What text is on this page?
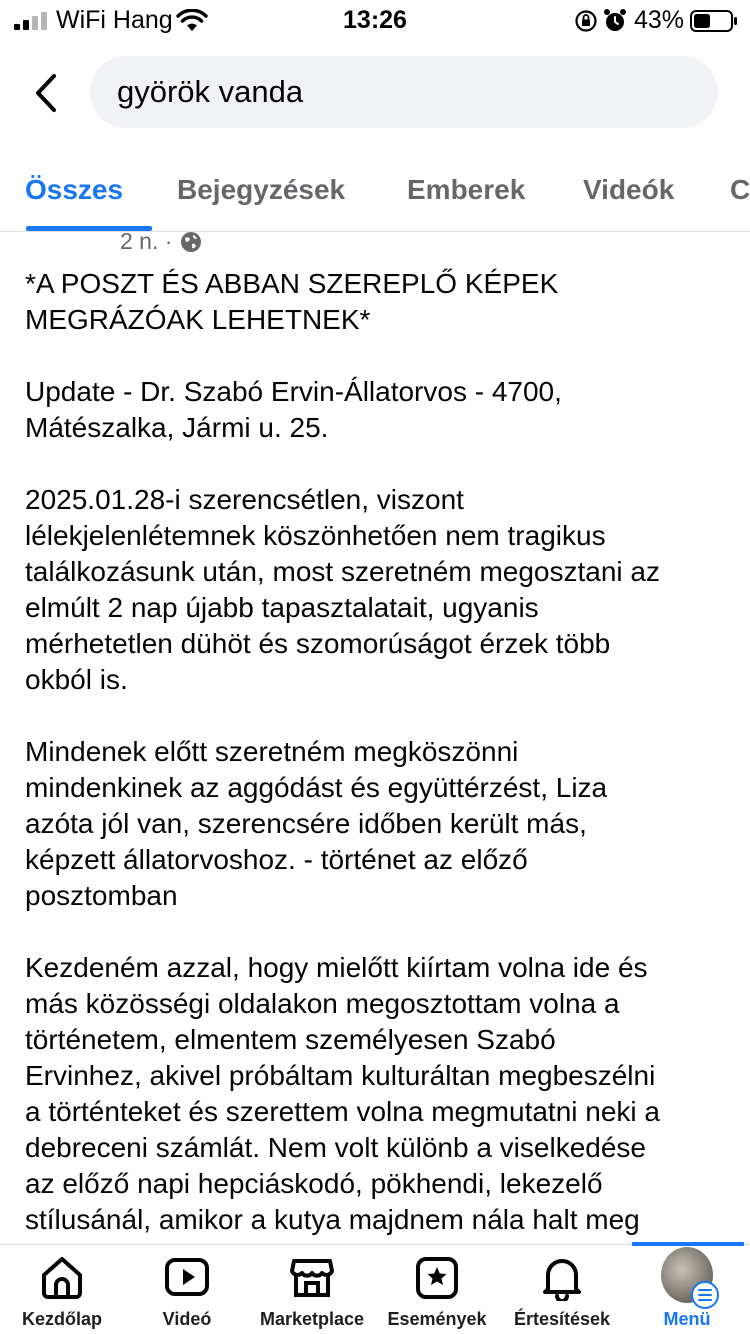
WiFi Hang	13:26	43%
györök vanda
Összes Bejegyzések Emberek Videók C
2 n. ·
*A POSZT ÉS ABBAN SZEREPLŐ KÉPEK
MEGRÁZÓAK LEHETNEK*
Update - Dr. Szabó Ervin-Állatorvos - 4700,
Mátészalka, Jármi u. 25.
2025.01.28-i szerencsétlen, viszont
lélekjelenlétemnek köszönhetően nem tragikus
találkozásunk után, most szeretném megosztani az
elmúlt 2 nap újabb tapasztalatait, ugyanis
mérhetetlen dühöt és szomorúságot érzek több
okból is.
Mindenek előtt szeretném megköszönni
mindenkinek az aggódást és együttérzést, Liza
azóta jól van, szerencsére időben került más,
képzett állatorvoshoz. - történet az előző
posztomban
Kezdeném azzal, hogy mielőtt kiírtam volna ide és
más közösségi oldalakon megosztottam volna a
történetem, elmentem személyesen Szabó
Ervinhez, akivel próbáltam kulturáltan megbeszélni
a történteket és szerettem volna megmutatni neki a
debreceni számlát. Nem volt különb a viselkedése
az előző napi hepciáskodó, pökhendi, lekezelő
stílusánál, amikor a kutya majdnem nála halt meg
Kezdőlap	Videó	Marketplace Események Értesítések	Menü
